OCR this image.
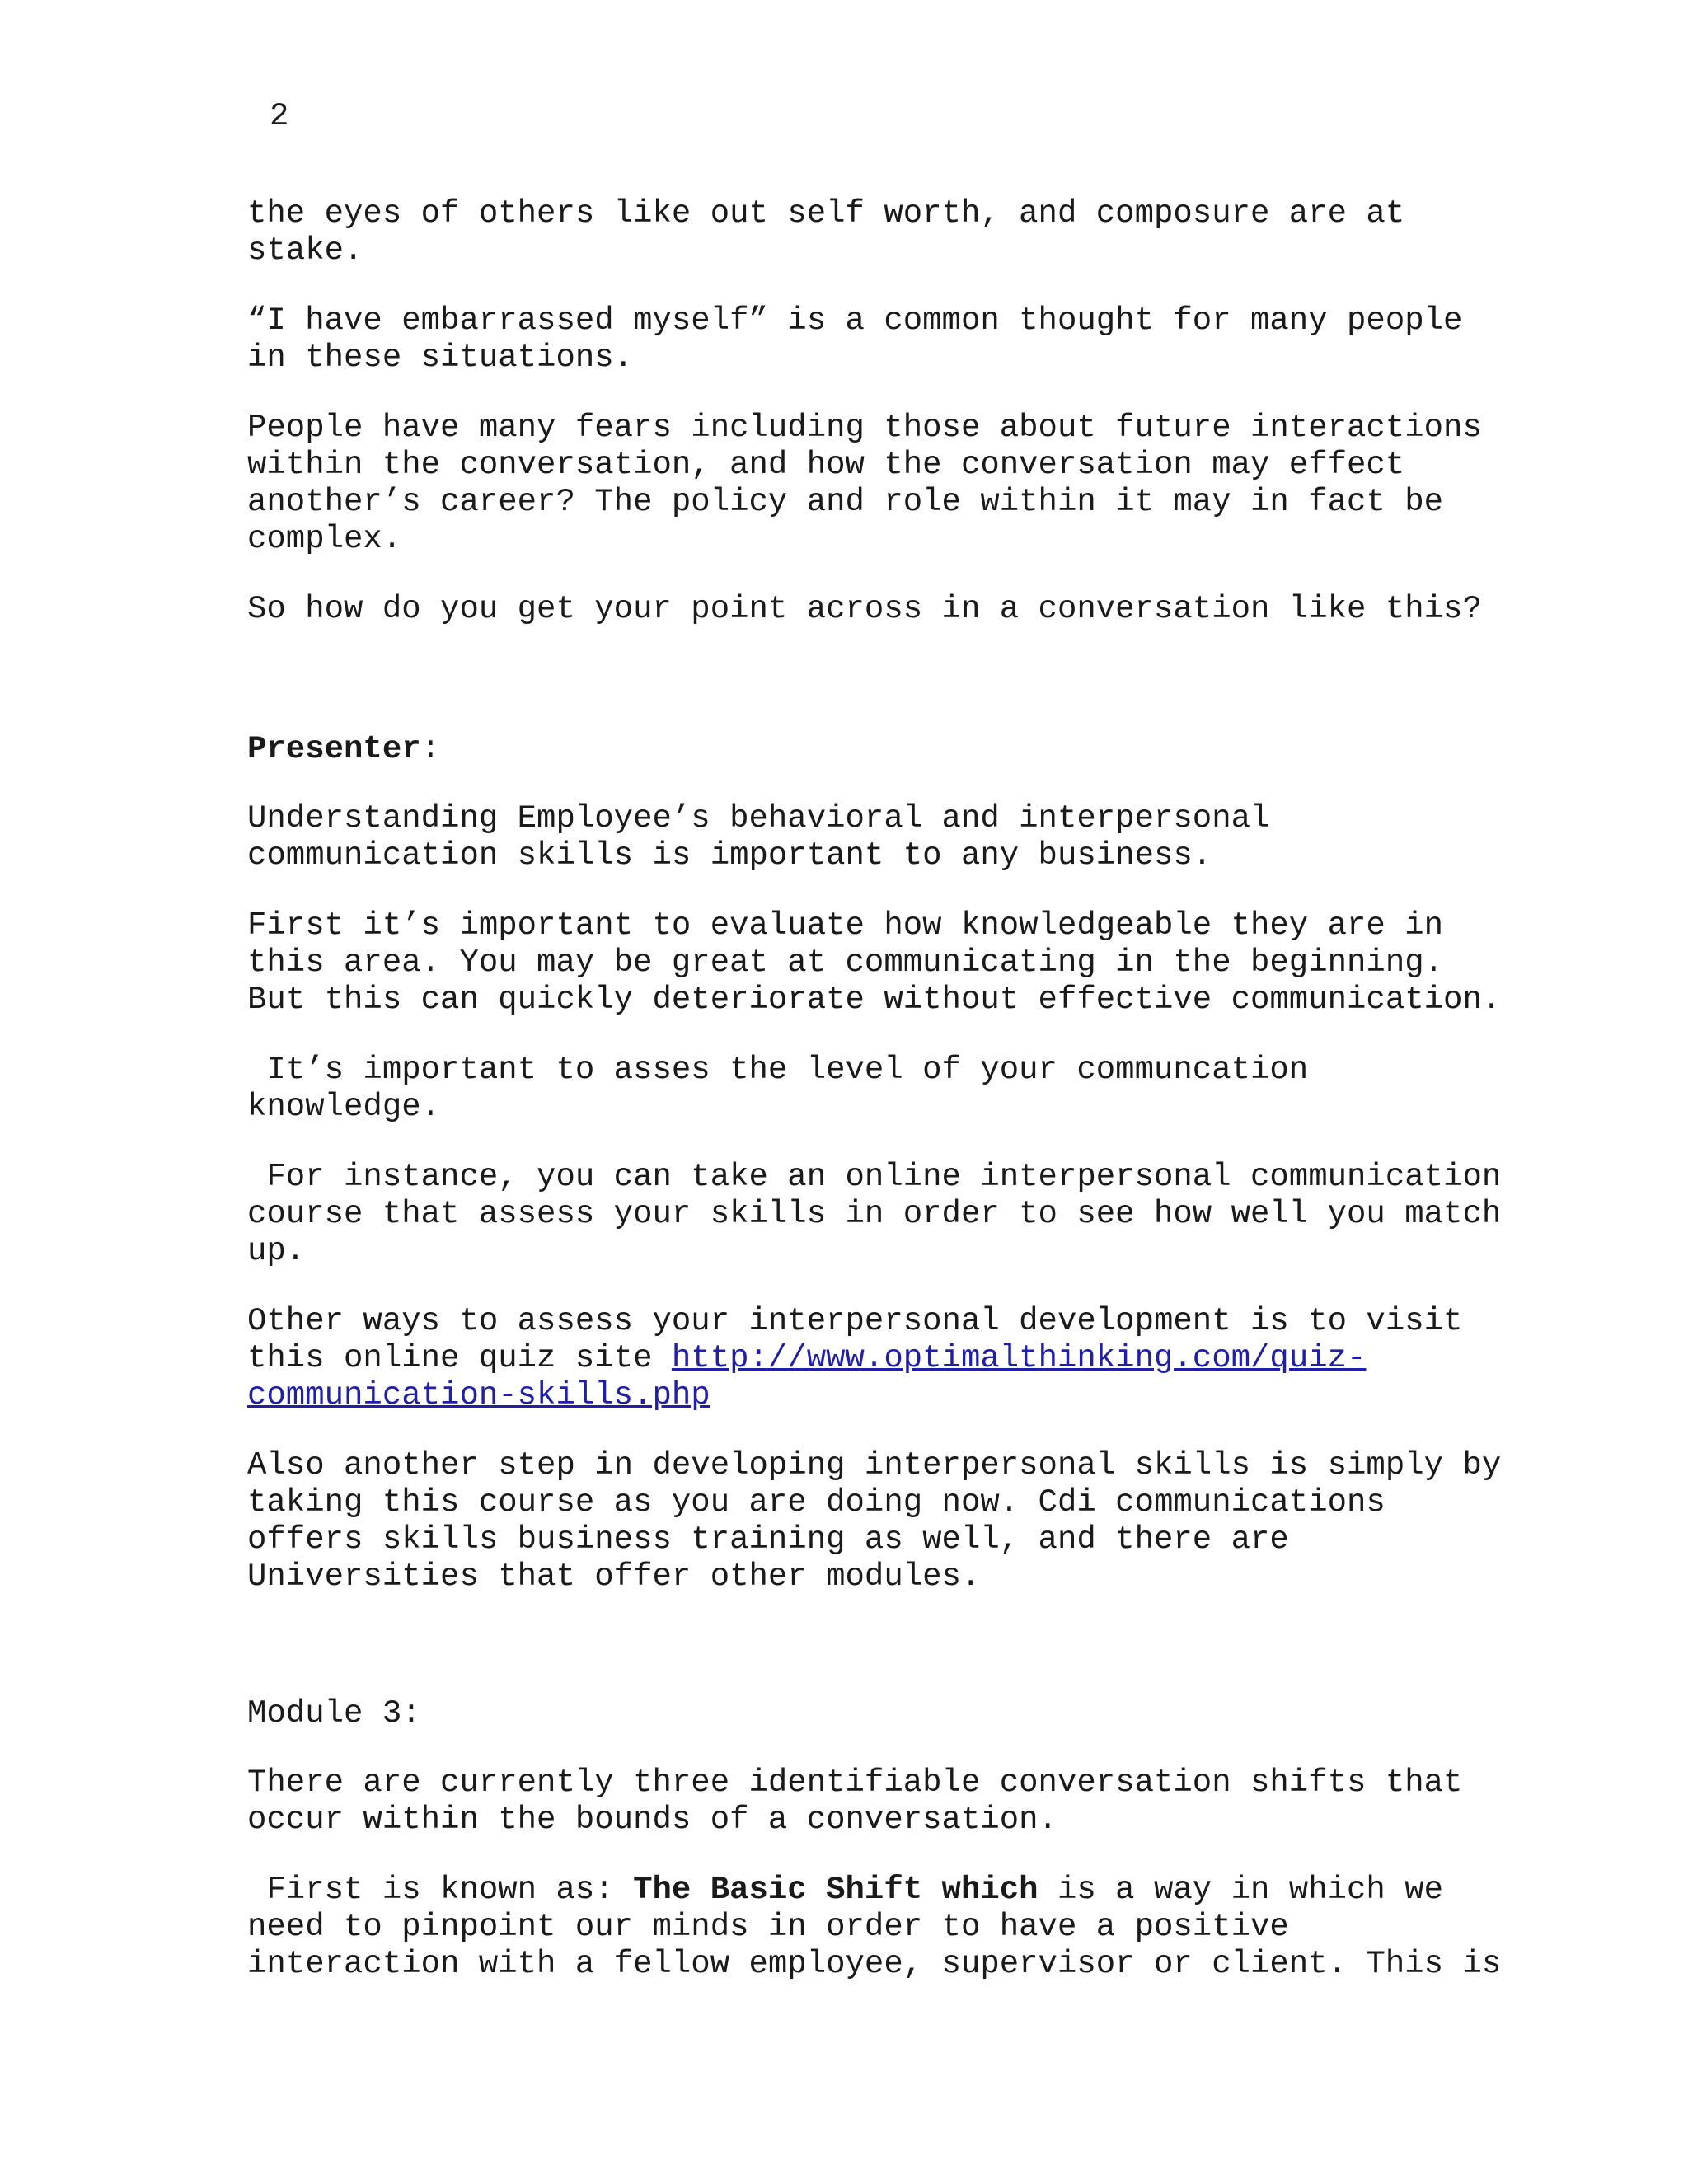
2
the eyes of others like out self worth, and composure are at
stake.
“I have embarrassed myself” is a common thought for many people
in these situations.
People have many fears including those about future interactions
within the conversation, and how the conversation may effect
another’s career? The policy and role within it may in fact be
complex.
So how do you get your point across in a conversation like this?
Presenter:
Understanding Employee’s behavioral and interpersonal
communication skills is important to any business.
First it’s important to evaluate how knowledgeable they are in
this area. You may be great at communicating in the beginning.
But this can quickly deteriorate without effective communication.
It’s important to asses the level of your communcation
knowledge.
For instance, you can take an online interpersonal communication
course that assess your skills in order to see how well you match
up.
Other ways to assess your interpersonal development is to visit
this online quiz site http://www.optimalthinking.com/quiz-
communication-skills.php
Also another step in developing interpersonal skills is simply by
taking this course as you are doing now. Cdi communications
offers skills business training as well, and there are
Universities that offer other modules.
Module 3:
There are currently three identifiable conversation shifts that
occur within the bounds of a conversation.
First is known as: The Basic Shift which is a way in which we
need to pinpoint our minds in order to have a positive
interaction with a fellow employee, supervisor or client. This is
